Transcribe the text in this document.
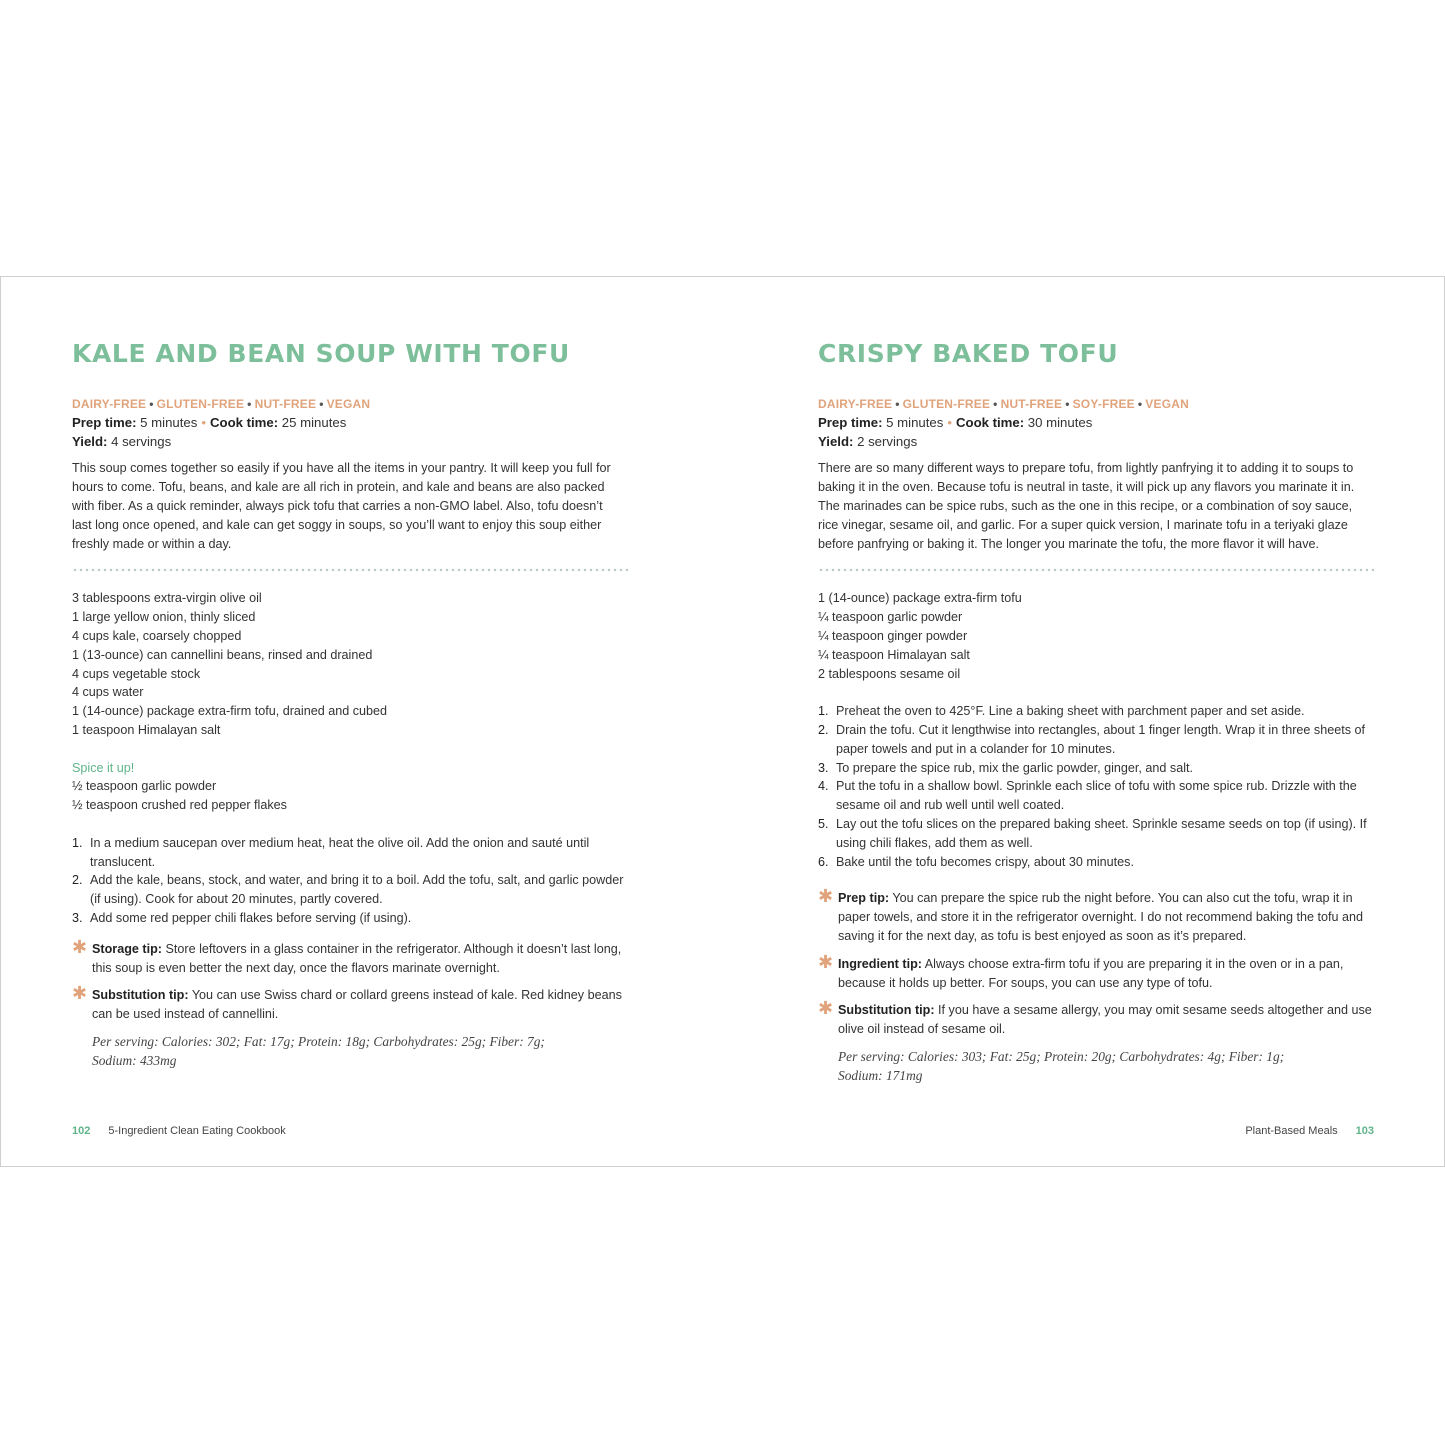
KALE AND BEAN SOUP WITH TOFU
DAIRY-FREE • GLUTEN-FREE • NUT-FREE • VEGAN
Prep time: 5 minutes • Cook time: 25 minutes
Yield: 4 servings
This soup comes together so easily if you have all the items in your pantry. It will keep you full for hours to come. Tofu, beans, and kale are all rich in protein, and kale and beans are also packed with fiber. As a quick reminder, always pick tofu that carries a non-GMO label. Also, tofu doesn’t last long once opened, and kale can get soggy in soups, so you’ll want to enjoy this soup either freshly made or within a day.
3 tablespoons extra-virgin olive oil
1 large yellow onion, thinly sliced
4 cups kale, coarsely chopped
1 (13-ounce) can cannellini beans, rinsed and drained
4 cups vegetable stock
4 cups water
1 (14-ounce) package extra-firm tofu, drained and cubed
1 teaspoon Himalayan salt
Spice it up!
½ teaspoon garlic powder
½ teaspoon crushed red pepper flakes
1. In a medium saucepan over medium heat, heat the olive oil. Add the onion and sauté until translucent.
2. Add the kale, beans, stock, and water, and bring it to a boil. Add the tofu, salt, and garlic powder (if using). Cook for about 20 minutes, partly covered.
3. Add some red pepper chili flakes before serving (if using).
✱ Storage tip: Store leftovers in a glass container in the refrigerator. Although it doesn’t last long, this soup is even better the next day, once the flavors marinate overnight.
✱ Substitution tip: You can use Swiss chard or collard greens instead of kale. Red kidney beans can be used instead of cannellini.
Per serving: Calories: 302; Fat: 17g; Protein: 18g; Carbohydrates: 25g; Fiber: 7g; Sodium: 433mg
CRISPY BAKED TOFU
DAIRY-FREE • GLUTEN-FREE • NUT-FREE • SOY-FREE • VEGAN
Prep time: 5 minutes • Cook time: 30 minutes
Yield: 2 servings
There are so many different ways to prepare tofu, from lightly panfrying it to adding it to soups to baking it in the oven. Because tofu is neutral in taste, it will pick up any flavors you marinate it in. The marinades can be spice rubs, such as the one in this recipe, or a combination of soy sauce, rice vinegar, sesame oil, and garlic. For a super quick version, I marinate tofu in a teriyaki glaze before panfrying or baking it. The longer you marinate the tofu, the more flavor it will have.
1 (14-ounce) package extra-firm tofu
¼ teaspoon garlic powder
¼ teaspoon ginger powder
¼ teaspoon Himalayan salt
2 tablespoons sesame oil
1. Preheat the oven to 425°F. Line a baking sheet with parchment paper and set aside.
2. Drain the tofu. Cut it lengthwise into rectangles, about 1 finger length. Wrap it in three sheets of paper towels and put in a colander for 10 minutes.
3. To prepare the spice rub, mix the garlic powder, ginger, and salt.
4. Put the tofu in a shallow bowl. Sprinkle each slice of tofu with some spice rub. Drizzle with the sesame oil and rub well until well coated.
5. Lay out the tofu slices on the prepared baking sheet. Sprinkle sesame seeds on top (if using). If using chili flakes, add them as well.
6. Bake until the tofu becomes crispy, about 30 minutes.
✱ Prep tip: You can prepare the spice rub the night before. You can also cut the tofu, wrap it in paper towels, and store it in the refrigerator overnight. I do not recommend baking the tofu and saving it for the next day, as tofu is best enjoyed as soon as it’s prepared.
✱ Ingredient tip: Always choose extra-firm tofu if you are preparing it in the oven or in a pan, because it holds up better. For soups, you can use any type of tofu.
✱ Substitution tip: If you have a sesame allergy, you may omit sesame seeds altogether and use olive oil instead of sesame oil.
Per serving: Calories: 303; Fat: 25g; Protein: 20g; Carbohydrates: 4g; Fiber: 1g; Sodium: 171mg
102 5-Ingredient Clean Eating Cookbook	Plant-Based Meals 103
